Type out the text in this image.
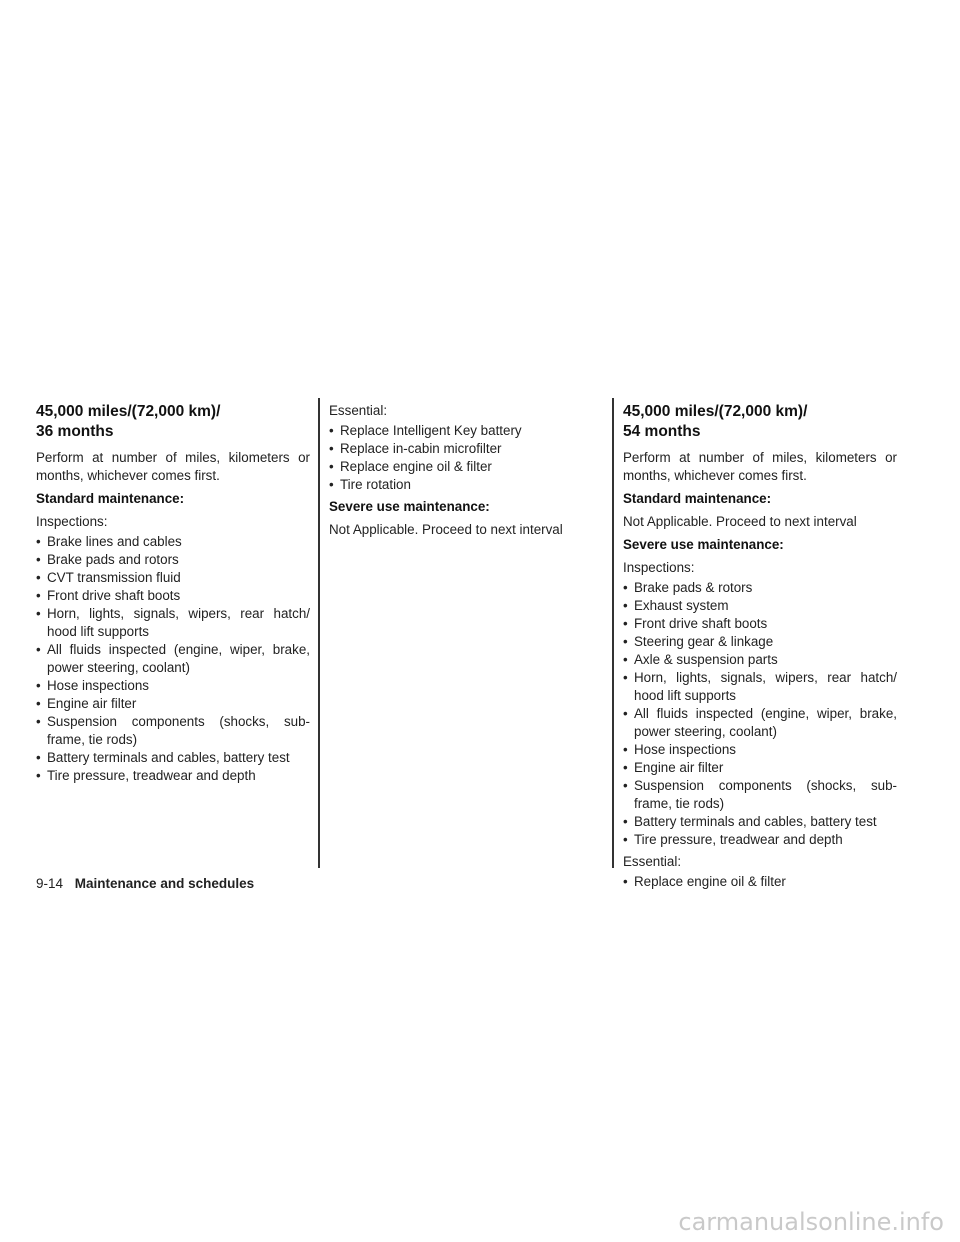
45,000 miles/(72,000 km)/
36 months

Perform at number of miles, kilometers or months, whichever comes first.

Standard maintenance:

Inspections:

• Brake lines and cables
• Brake pads and rotors
• CVT transmission fluid
• Front drive shaft boots
• Horn, lights, signals, wipers, rear hatch/ hood lift supports
• All fluids inspected (engine, wiper, brake, power steering, coolant)
• Hose inspections
• Engine air filter
• Suspension components (shocks, sub-frame, tie rods)
• Battery terminals and cables, battery test
• Tire pressure, treadwear and depth

Essential:

• Replace Intelligent Key battery
• Replace in-cabin microfilter
• Replace engine oil & filter
• Tire rotation

Severe use maintenance:

Not Applicable. Proceed to next interval

45,000 miles/(72,000 km)/
54 months

Perform at number of miles, kilometers or months, whichever comes first.

Standard maintenance:

Not Applicable. Proceed to next interval

Severe use maintenance:

Inspections:

• Brake pads & rotors
• Exhaust system
• Front drive shaft boots
• Steering gear & linkage
• Axle & suspension parts
• Horn, lights, signals, wipers, rear hatch/ hood lift supports
• All fluids inspected (engine, wiper, brake, power steering, coolant)
• Hose inspections
• Engine air filter
• Suspension components (shocks, sub-frame, tie rods)
• Battery terminals and cables, battery test
• Tire pressure, treadwear and depth

Essential:

• Replace engine oil & filter
9-14 Maintenance and schedules
carmanualsonline.info
